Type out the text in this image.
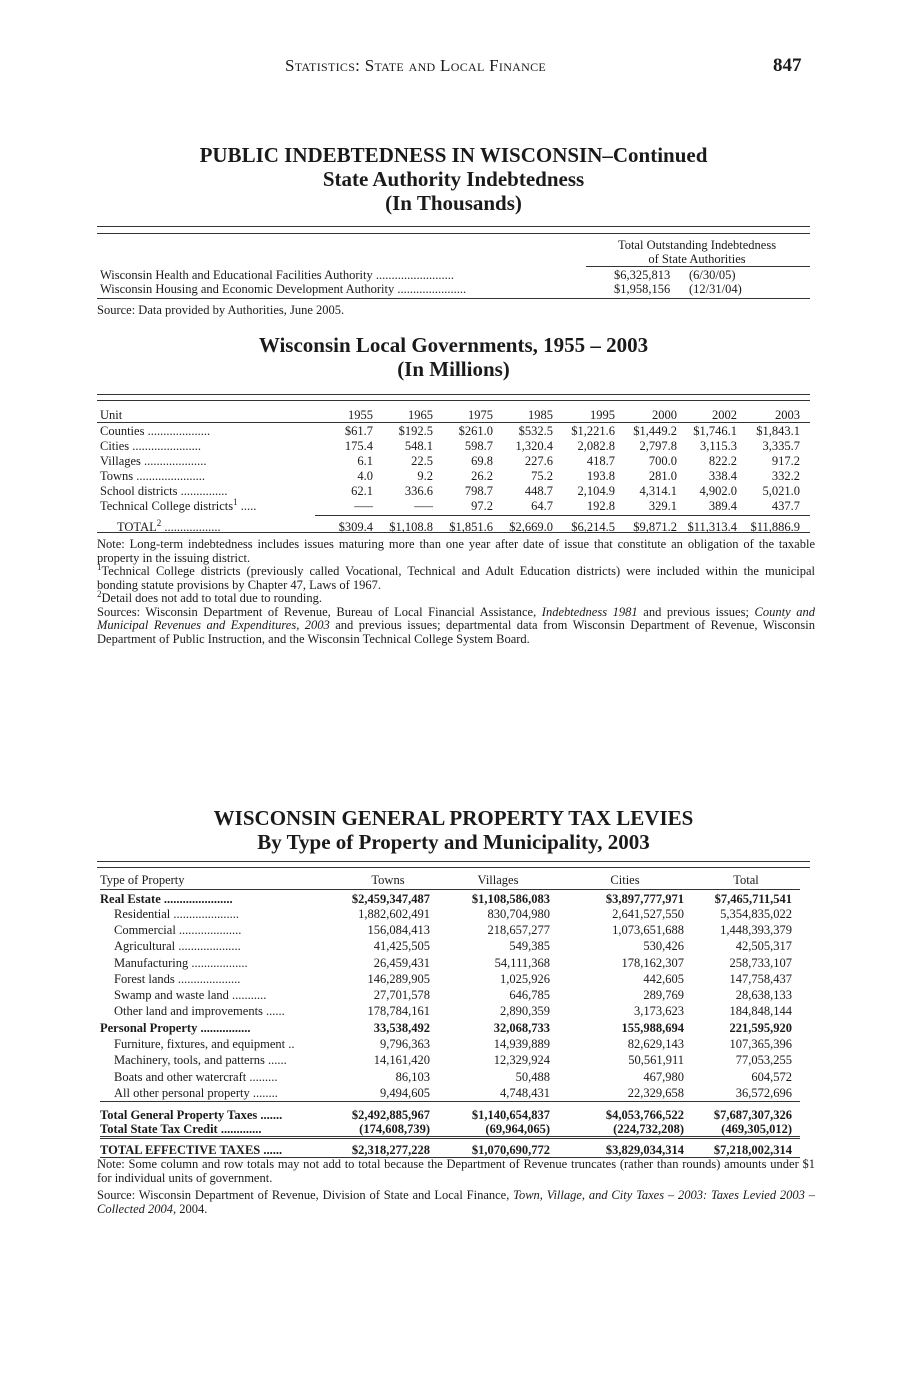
Statistics: State and Local Finance	847
PUBLIC INDEBTEDNESS IN WISCONSIN–Continued
State Authority Indebtedness
(In Thousands)
Total Outstanding Indebtedness
of State Authorities
Wisconsin Health and Educational Facilities Authority .........................	$6,325,813 (6/30/05)
Wisconsin Housing and Economic Development Authority ......................	$1,958,156 (12/31/04)
Source: Data provided by Authorities, June 2005.
Wisconsin Local Governments, 1955 – 2003
(In Millions)
Unit	1955	1965	1975	1985	1995	2000	2002	2003
Counties ....................	$61.7	$192.5	$261.0	$532.5	$1,221.6	$1,449.2	$1,746.1	$1,843.1
Cities ......................	175.4	548.1	598.7	1,320.4	2,082.8	2,797.8	3,115.3	3,335.7
Villages ....................	6.1	22.5	69.8	227.6	418.7	700.0	822.2	917.2
Towns ......................	4.0	9.2	26.2	75.2	193.8	281.0	338.4	332.2
School districts ...............	62.1	336.6	798.7	448.7	2,104.9	4,314.1	4,902.0	5,021.0
Technical College districts$^1$ .....	–––	–––	97.2	64.7	192.8	329.1	389.4	437.7
TOTAL$^2$ ..................	$309.4	$1,108.8	$1,851.6	$2,669.0	$6,214.5	$9,871.2	$11,313.4	$11,886.9

Note: Long-term indebtedness includes issues maturing more than one year after date of issue that constitute an obligation of the taxable property in the issuing district.

$^1$Technical College districts (previously called Vocational, Technical and Adult Education districts) were included within the municipal bonding statute provisions by Chapter 47, Laws of 1967.

$^2$Detail does not add to total due to rounding.

Sources: Wisconsin Department of Revenue, Bureau of Local Financial Assistance, Indebtedness 1981 and previous issues; County and Municipal Revenues and Expenditures, 2003 and previous issues; departmental data from Wisconsin Department of Revenue, Wisconsin Department of Public Instruction, and the Wisconsin Technical College System Board.

WISCONSIN GENERAL PROPERTY TAX LEVIES
By Type of Property and Municipality, 2003
Type of Property	Towns	Villages	Cities	Total
Real Estate ......................	$2,459,347,487	$1,108,586,083	$3,897,777,971	$7,465,711,541
Residential .....................	1,882,602,491	830,704,980	2,641,527,550	5,354,835,022
Commercial ....................	156,084,413	218,657,277	1,073,651,688	1,448,393,379
Agricultural ....................	41,425,505	549,385	530,426	42,505,317
Manufacturing ..................	26,459,431	54,111,368	178,162,307	258,733,107
Forest lands ....................	146,289,905	1,025,926	442,605	147,758,437
Swamp and waste land ...........	27,701,578	646,785	289,769	28,638,133
Other land and improvements ......	178,784,161	2,890,359	3,173,623	184,848,144
Personal Property ................	33,538,492	32,068,733	155,988,694	221,595,920
Furniture, fixtures, and equipment ..	9,796,363	14,939,889	82,629,143	107,365,396
Machinery, tools, and patterns ......	14,161,420	12,329,924	50,561,911	77,053,255
Boats and other watercraft .........	86,103	50,488	467,980	604,572
All other personal property ........	9,494,605	4,748,431	22,329,658	36,572,696
Total General Property Taxes .......	$2,492,885,967	$1,140,654,837	$4,053,766,522	$7,687,307,326
Total State Tax Credit .............	(174,608,739)	(69,964,065)	(224,732,208)	(469,305,012)
TOTAL EFFECTIVE TAXES ......	$2,318,277,228	$1,070,690,772	$3,829,034,314	$7,218,002,314

Note: Some column and row totals may not add to total because the Department of Revenue truncates (rather than rounds) amounts under $1 for individual units of government.

Source: Wisconsin Department of Revenue, Division of State and Local Finance, Town, Village, and City Taxes – 2003: Taxes Levied 2003 – Collected 2004, 2004.
